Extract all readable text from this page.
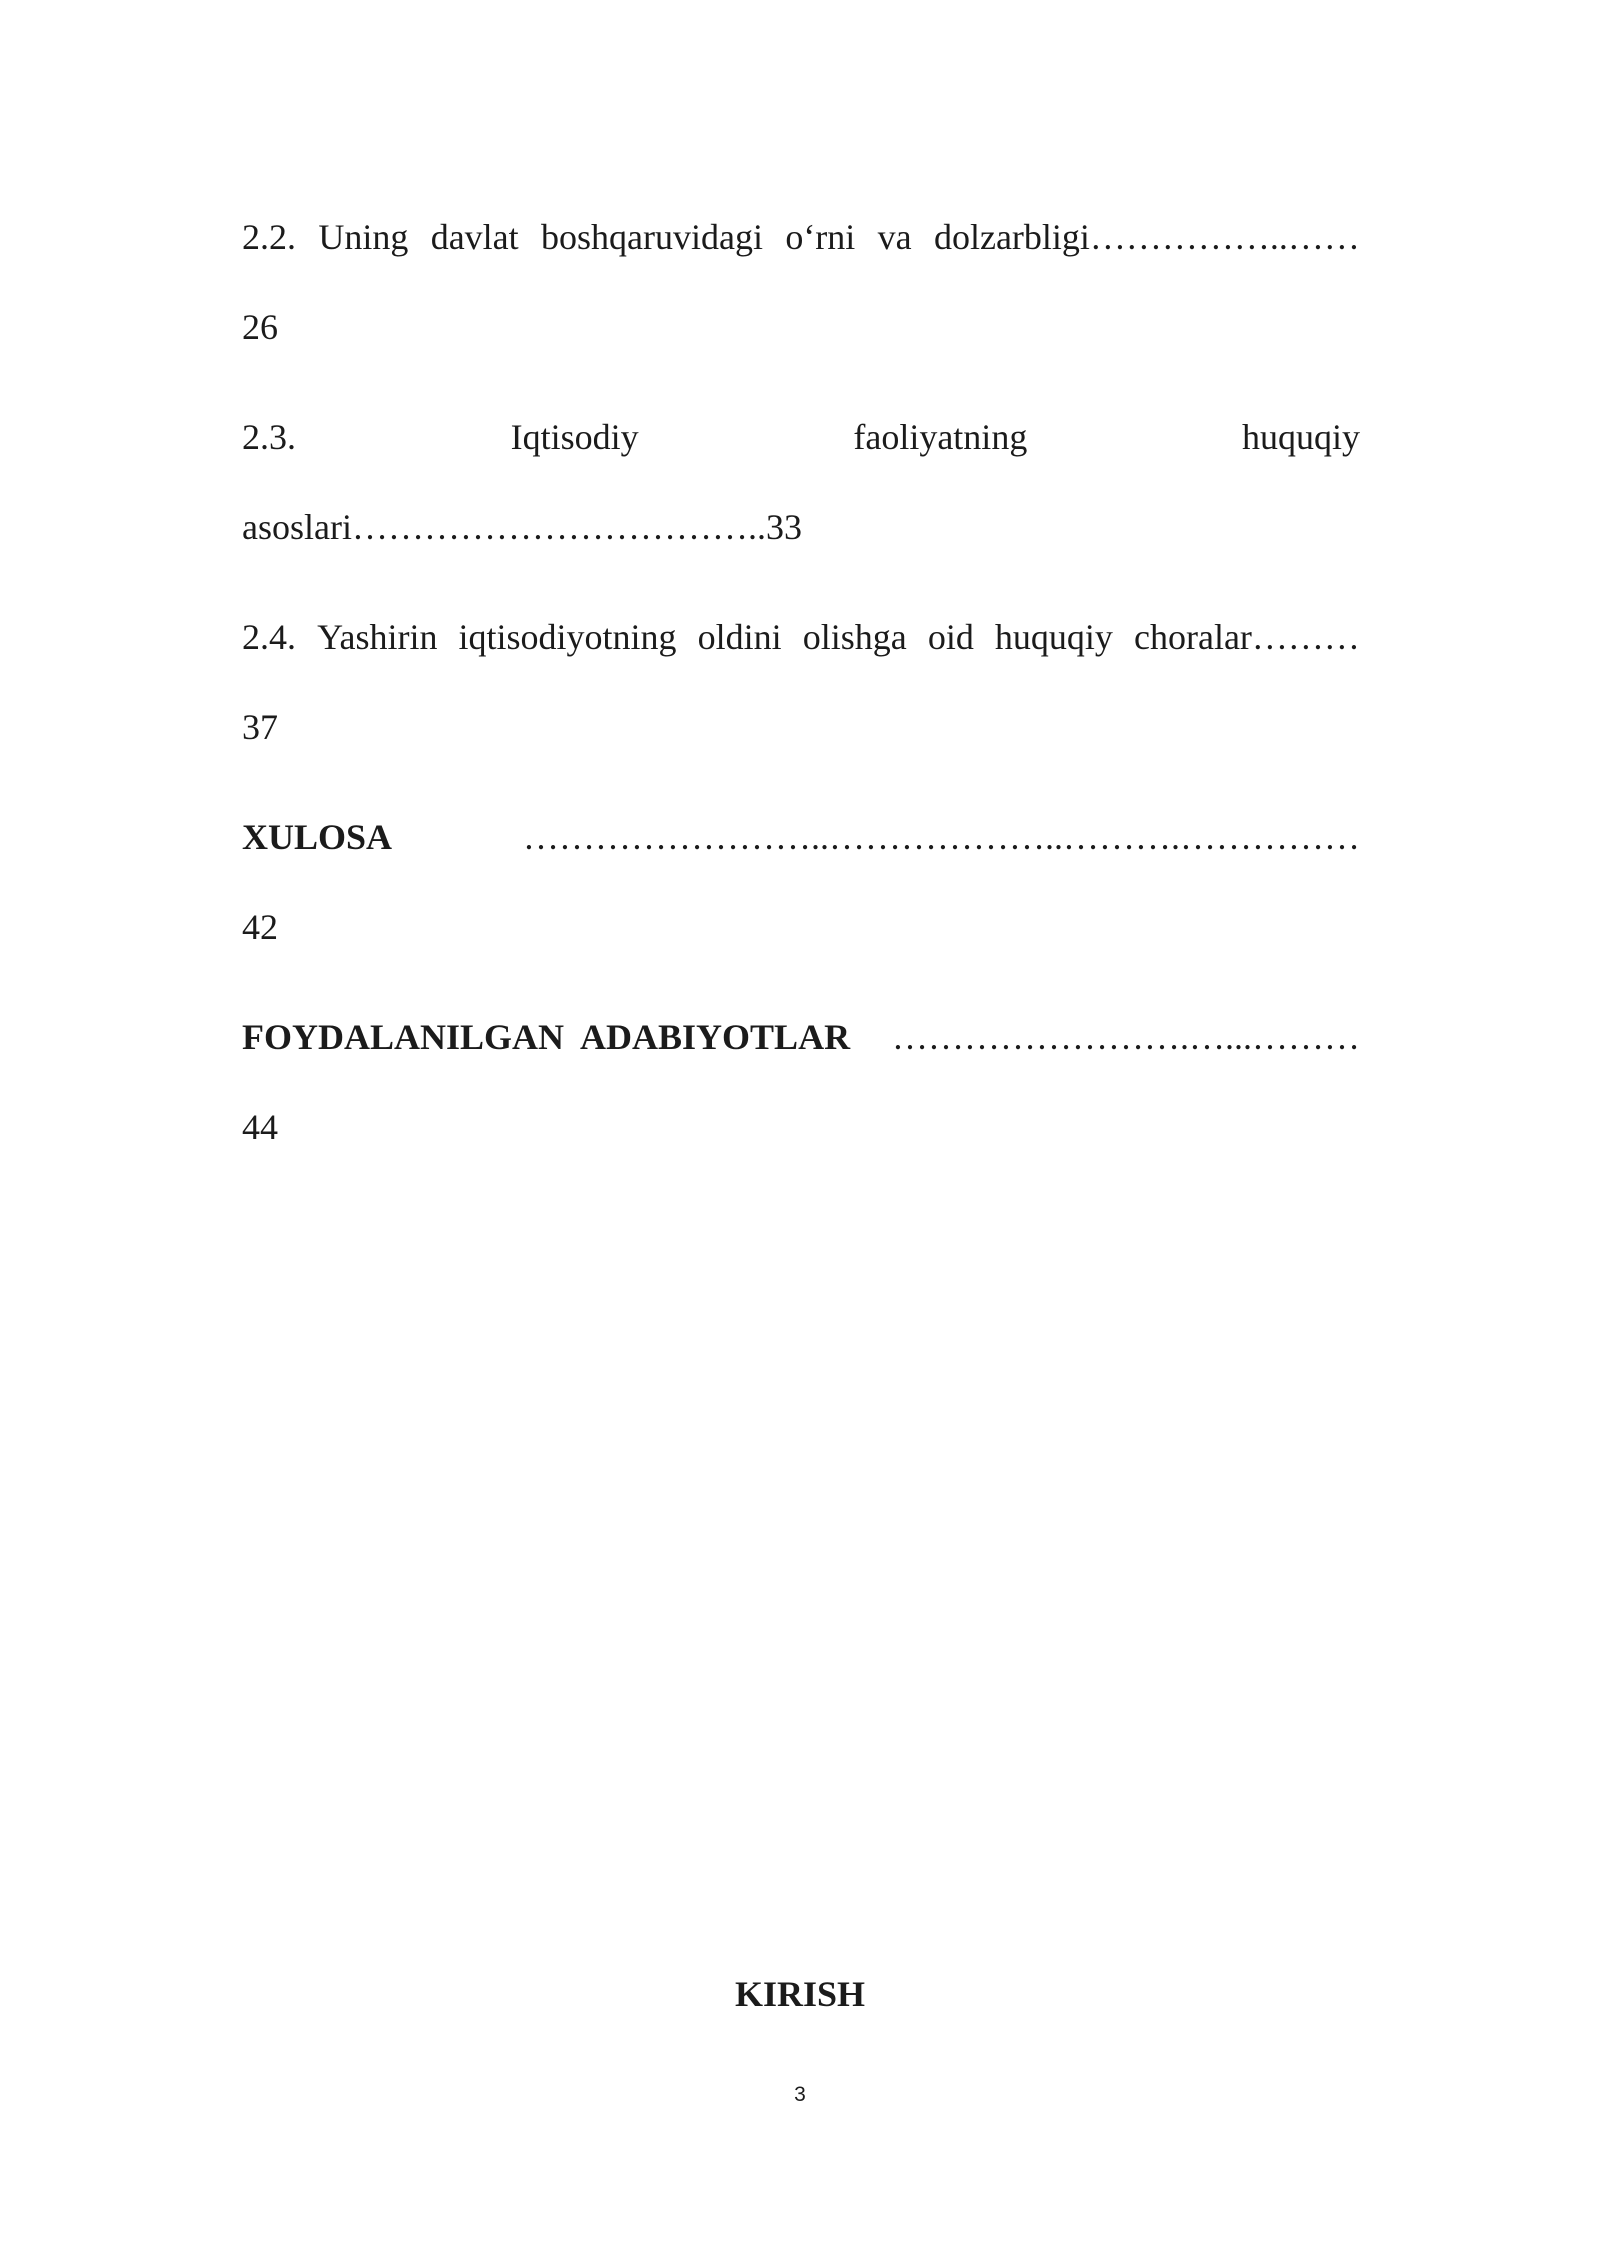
2.2. Uning davlat boshqaruvidagi o‘rni va dolzarbligi……………..……
26
2.3.	Iqtisodiy	faoliyatning	huquqiy
asoslari……………………………..33
2.4. Yashirin iqtisodiyotning oldini olishga oid huquqiy choralar………
37
XULOSA	……………………..………………..……….……………
42
FOYDALANILGAN  ADABIYOTLAR …………………….…...………
44
KIRISH
3
